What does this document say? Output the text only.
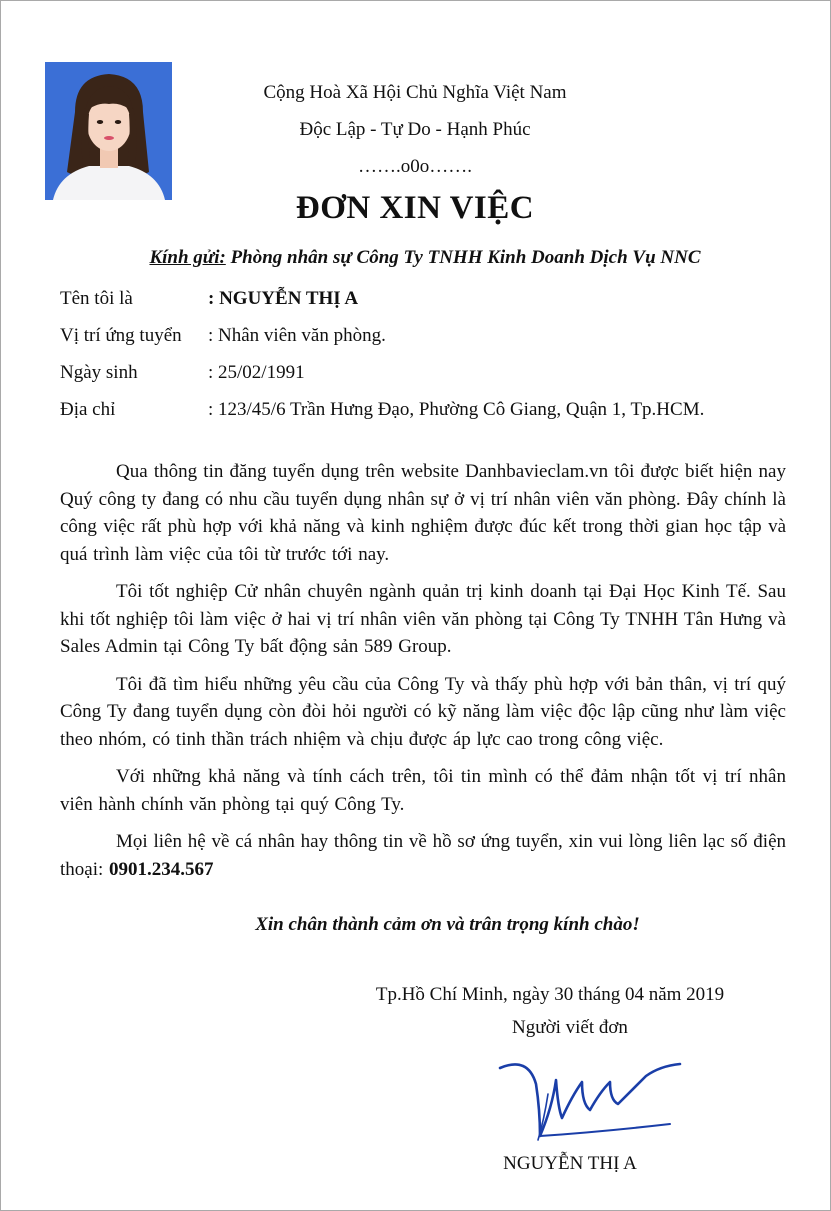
Cộng Hoà Xã Hội Chủ Nghĩa Việt Nam
Độc Lập - Tự Do - Hạnh Phúc
…….o0o…….
ĐƠN XIN VIỆC
Kính gửi: Phòng nhân sự Công Ty TNHH Kinh Doanh Dịch Vụ NNC
Tên tôi là	: NGUYỄN THỊ A
Vị trí ứng tuyển : Nhân viên văn phòng.
Ngày sinh	: 25/02/1991
Địa chỉ	: 123/45/6 Trần Hưng Đạo, Phường Cô Giang, Quận 1, Tp.HCM.

Qua thông tin đăng tuyển dụng trên website Danhbavieclam.vn tôi được biết hiện nay Quý công ty đang có nhu cầu tuyển dụng nhân sự ở vị trí nhân viên văn phòng. Đây chính là công việc rất phù hợp với khả năng và kinh nghiệm được đúc kết trong thời gian học tập và quá trình làm việc của tôi từ trước tới nay.

Tôi tốt nghiệp Cử nhân chuyên ngành quản trị kinh doanh tại Đại Học Kinh Tế. Sau khi tốt nghiệp tôi làm việc ở hai vị trí nhân viên văn phòng tại Công Ty TNHH Tân Hưng và Sales Admin tại Công Ty bất động sản 589 Group.

Tôi đã tìm hiểu những yêu cầu của Công Ty và thấy phù hợp với bản thân, vị trí quý Công Ty đang tuyển dụng còn đòi hỏi người có kỹ năng làm việc độc lập cũng như làm việc theo nhóm, có tinh thần trách nhiệm và chịu được áp lực cao trong công việc.

Với những khả năng và tính cách trên, tôi tin mình có thể đảm nhận tốt vị trí nhân viên hành chính văn phòng tại quý Công Ty.

Mọi liên hệ về cá nhân hay thông tin về hồ sơ ứng tuyển, xin vui lòng liên lạc số điện thoại: 0901.234.567

Xin chân thành cảm ơn và trân trọng kính chào!
Tp.Hồ Chí Minh, ngày 30 tháng 04 năm 2019
Người viết đơn
NGUYỄN THỊ A
